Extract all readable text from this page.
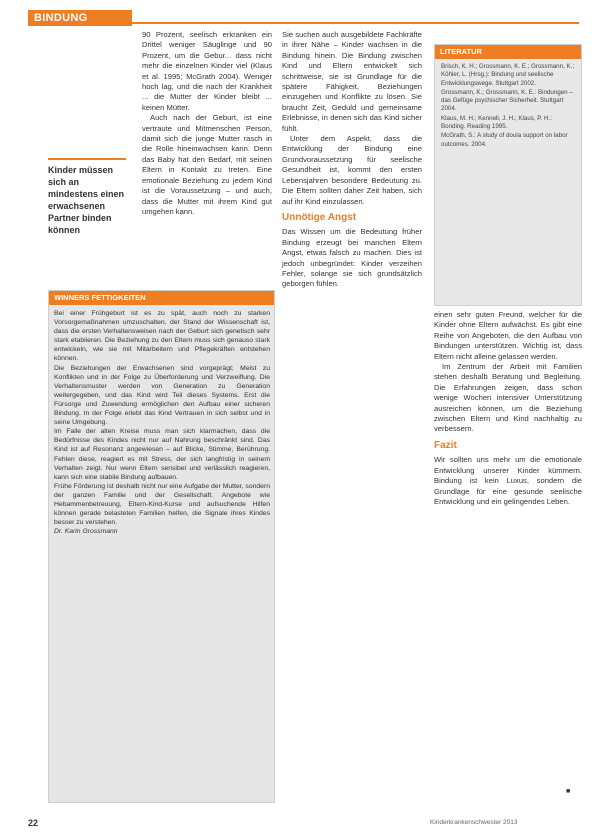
BINDUNG
Kinder müssen sich an mindestens einen erwachsenen Partner binden können

90 Prozent, seelisch erkranken ein Drittel weniger Säuglinge und 90 Prozent, um die Gebur... dass nicht mehr die einzelnen Kinder viel (Klaus et al. 1995; McGrath 2004). Weniger hoch lag, und die nach der Krankheit ... die Mutter der Kinder bleibt ... keinen Mütter.

Auch nach der Geburt, ist eine vertraute und Mitmenschen Person, damit sich die junge Mutter rasch in die Rolle hineinwachsen kann. Denn das Baby hat den Bedarf, mit seinen Eltern in Kontakt zu treten. Eine emotionale Beziehung zu jedem Kind ist die Voraussetzung – und auch, dass die Mutter mit ihrem Kind gut umgehen kann.

WINNERS FETTIGKEITEN

Bei einer Frühgeburt ist es zu spät, auch noch zu starken Vorsorgemaßnahmen umzuschalten, der Stand der Wissenschaft ist, dass die ersten Verhaltensweisen nach der Geburt sich genetisch sehr stark etablieren. Die Beziehung zu den Eltern muss sich genauso stark entwickeln, wie sie mit Mitarbeitern und Pflegekräften entstehen können.

Die Beziehungen der Erwachsenen sind vorgeprägt; Meist zu Konflikten und in der Folge zu Überforderung und Verzweiflung. Die Verhaltensmuster werden von Generation zu Generation weitergegeben, und das Kind wird Teil dieses Systems. Erst die Fürsorge und Zuwendung ermöglichen den Aufbau einer sicheren Bindung. In der Folge erlebt das Kind Vertrauen in sich selbst und in seine Umgebung.

Im Falle der alten Kreise muss man sich klarmachen, dass die Bedürfnisse des Kindes nicht nur auf Nahrung beschränkt sind. Das Kind ist auf Resonanz angewiesen – auf Blicke, Stimme, Berührung. Fehlen diese, reagiert es mit Stress, der sich langfristig in seinem Verhalten zeigt. Nur wenn Eltern sensibel und verlässlich reagieren, kann sich eine stabile Bindung aufbauen.

Frühe Förderung ist deshalb nicht nur eine Aufgabe der Mutter, sondern der ganzen Familie und der Gesellschaft. Angebote wie Hebammenbetreuung, Eltern-Kind-Kurse und aufsuchende Hilfen können gerade belasteten Familien helfen, die Signale ihres Kindes besser zu verstehen.

Dr. Karin Grossmann

Sie suchen auch ausgebildete Fachkräfte in ihrer Nähe – Kinder wachsen in die Bindung hinein. Die Bindung zwischen Kind und Eltern entwickelt sich schrittweise, sie ist Grundlage für die spätere Fähigkeit, Beziehungen einzugehen und Konflikte zu lösen. Sie braucht Zeit, Geduld und gemeinsame Erlebnisse, in denen sich das Kind sicher fühlt.

Unter dem Aspekt, dass die Entwicklung der Bindung eine Grundvoraussetzung für seelische Gesundheit ist, kommt den ersten Lebensjahren besondere Bedeutung zu. Die Eltern sollten daher Zeit haben, sich auf ihr Kind einzulassen.

Unnötige Angst

Das Wissen um die Bedeutung früher Bindung erzeugt bei manchen Eltern Angst, etwas falsch zu machen. Dies ist jedoch unbegründet: Kinder verzeihen Fehler, solange sie sich grundsätzlich geborgen fühlen.

LITERATUR

Brisch, K. H.; Grossmann, K. E.; Grossmann, K.; Köhler, L. (Hrsg.): Bindung und seelische Entwicklungswege. Stuttgart 2002.

Grossmann, K.; Grossmann, K. E.: Bindungen – das Gefüge psychischer Sicherheit. Stuttgart 2004.

Klaus, M. H.; Kennell, J. H.; Klaus, P. H.: Bonding. Reading 1995.

McGrath, S.: A study of doula support on labor outcomes. 2004.

einen sehr guten Freund, welcher für die Kinder ohne Eltern aufwächst. Es gibt eine Reihe von Angeboten, die den Aufbau von Bindungen unterstützen. Wichtig ist, dass Eltern nicht alleine gelassen werden.

Im Zentrum der Arbeit mit Familien stehen deshalb Beratung und Begleitung. Die Erfahrungen zeigen, dass schon wenige Wochen intensiver Unterstützung ausreichen können, um die Beziehung zwischen Eltern und Kind nachhaltig zu verbessern.

Fazit

Wir sollten uns mehr um die emotionale Entwicklung unserer Kinder kümmern. Bindung ist kein Luxus, sondern die Grundlage für eine gesunde seelische Entwicklung und ein gelingendes Leben.

■
22	Kinderkrankenschwester 2013
